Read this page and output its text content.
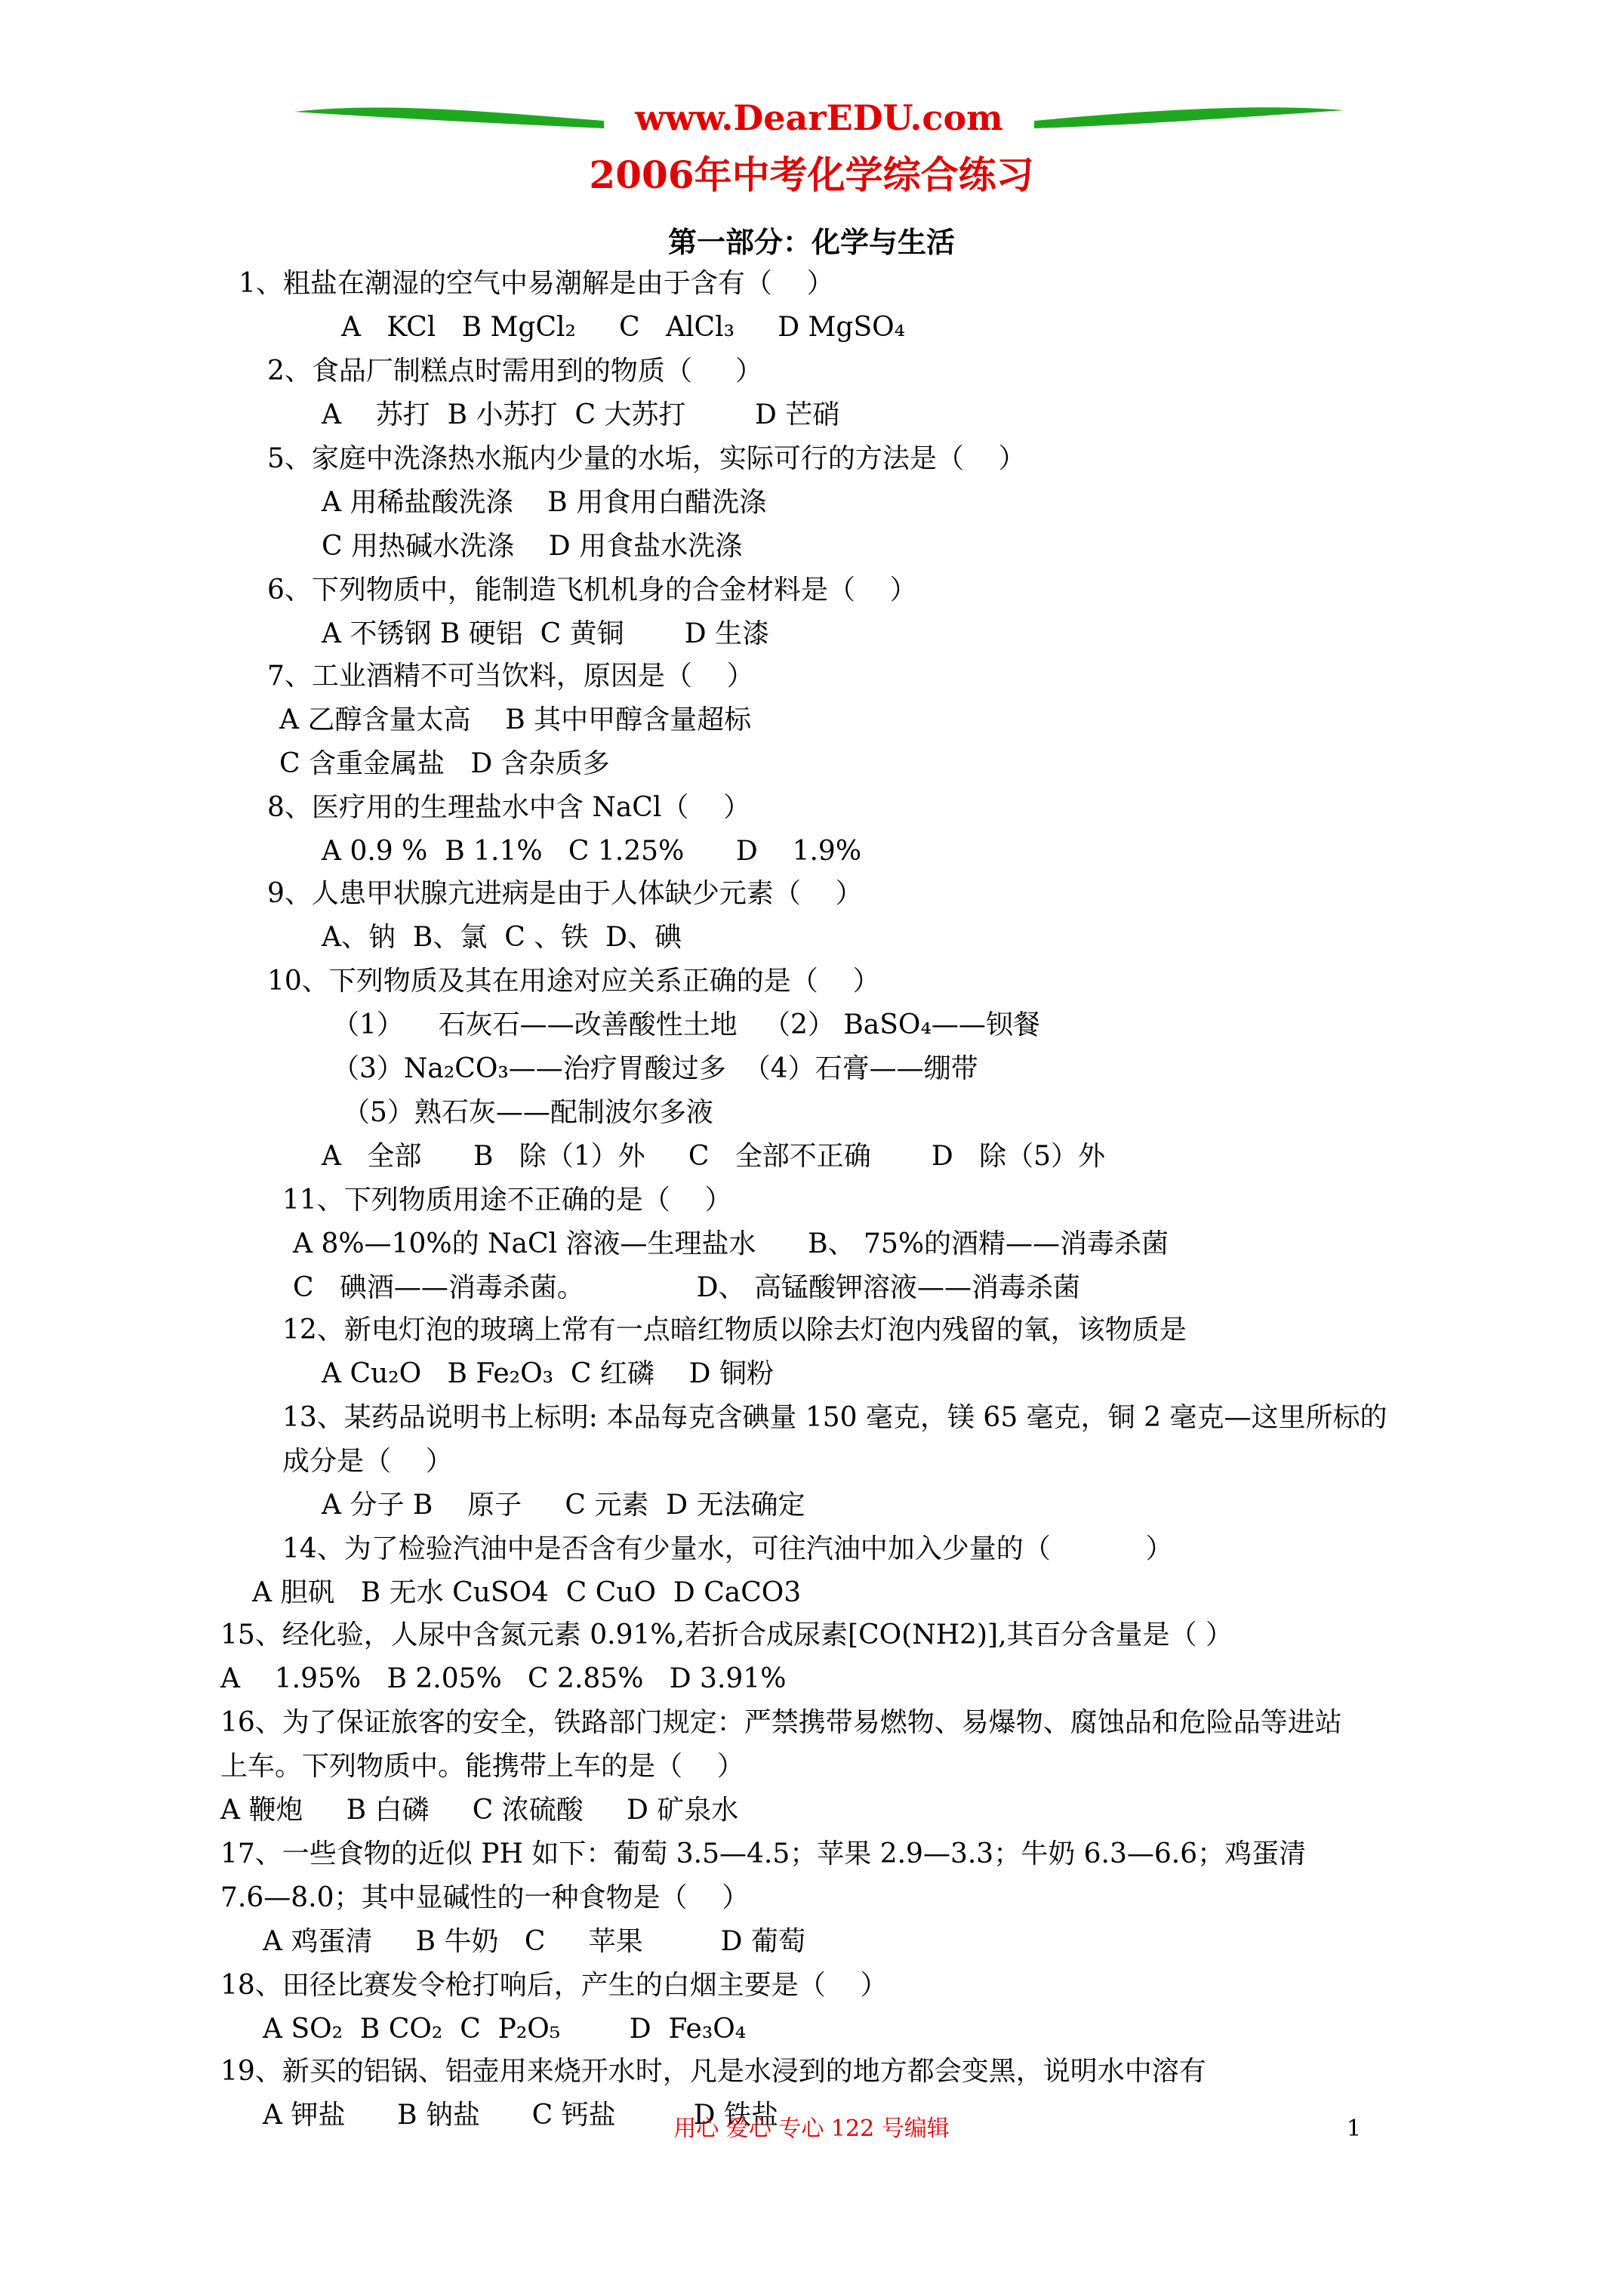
www.DearEDU.com
2006年中考化学综合练习
第一部分：化学与生活
1、粗盐在潮湿的空气中易潮解是由于含有（    ）
A   KCl   B MgCl₂     C   AlCl₃     D MgSO₄
2、食品厂制糕点时需用到的物质（     ）
A    苏打  B 小苏打  C 大苏打        D 芒硝
5、家庭中洗涤热水瓶内少量的水垢，实际可行的方法是（    ）
A 用稀盐酸洗涤    B 用食用白醋洗涤
C 用热碱水洗涤    D 用食盐水洗涤
6、下列物质中，能制造飞机机身的合金材料是（    ）
A 不锈钢 B 硬铝  C 黄铜       D 生漆
7、工业酒精不可当饮料，原因是（    ）
A 乙醇含量太高    B 其中甲醇含量超标
C 含重金属盐   D 含杂质多
8、医疗用的生理盐水中含 NaCl（    ）
A 0.9 %  B 1.1%   C 1.25%      D    1.9%
9、人患甲状腺亢进病是由于人体缺少元素（    ）
A、钠  B、氯  C 、铁  D、碘
10、下列物质及其在用途对应关系正确的是（    ）
（1）    石灰石——改善酸性土地   （2） BaSO₄——钡餐
（3）Na₂CO₃——治疗胃酸过多  （4）石膏——绷带
（5）熟石灰——配制波尔多液
A   全部      B   除（1）外     C   全部不正确       D   除（5）外
11、下列物质用途不正确的是（    ）
A 8%—10%的 NaCl 溶液—生理盐水      B、 75%的酒精——消毒杀菌
C   碘酒——消毒杀菌。             D、 高锰酸钾溶液——消毒杀菌
12、新电灯泡的玻璃上常有一点暗红物质以除去灯泡内残留的氧，该物质是
A Cu₂O   B Fe₂O₃  C 红磷    D 铜粉
13、某药品说明书上标明: 本品每克含碘量 150 毫克，镁 65 毫克，铜 2 毫克—这里所标的
成分是（    ）
A 分子 B    原子     C 元素  D 无法确定
14、为了检验汽油中是否含有少量水，可往汽油中加入少量的（           ）
A 胆矾   B 无水 CuSO4  C CuO  D CaCO3
15、经化验，人尿中含氮元素 0.91%,若折合成尿素[CO(NH2)],其百分含量是（ ）
A    1.95%   B 2.05%   C 2.85%   D 3.91%
16、为了保证旅客的安全，铁路部门规定：严禁携带易燃物、易爆物、腐蚀品和危险品等进站
上车。下列物质中。能携带上车的是（    ）
A 鞭炮     B 白磷     C 浓硫酸     D 矿泉水
17、一些食物的近似 PH 如下：葡萄 3.5—4.5；苹果 2.9—3.3；牛奶 6.3—6.6；鸡蛋清
7.6—8.0；其中显碱性的一种食物是（    ）
A 鸡蛋清     B 牛奶   C     苹果         D 葡萄
18、田径比赛发令枪打响后，产生的白烟主要是（    ）
A SO₂  B CO₂  C  P₂O₅        D  Fe₃O₄
19、新买的铝锅、铝壶用来烧开水时，凡是水浸到的地方都会变黑，说明水中溶有
A 钾盐      B 钠盐      C 钙盐         D 铁盐
用心 爱心 专心 122 号编辑	1
